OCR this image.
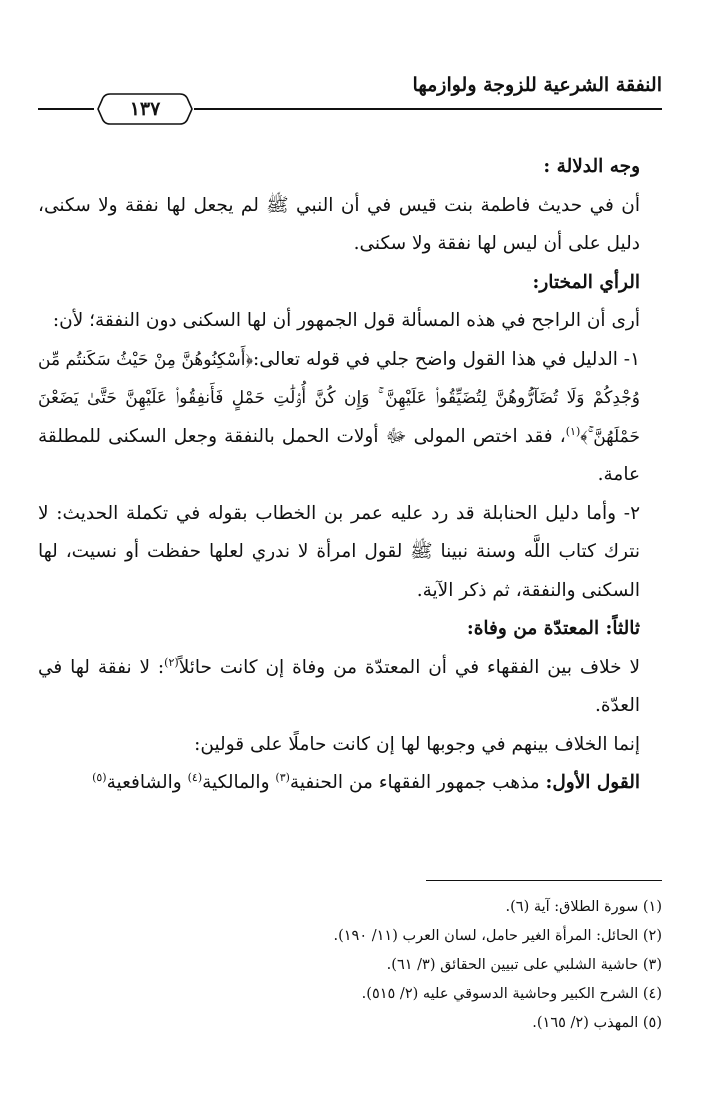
النفقة الشرعية للزوجة ولوازمها
١٣٧

وجه الدلالة :

أن في حديث فاطمة بنت قيس في أن النبي ﷺ لم يجعل لها نفقة ولا سكنى، دليل على أن ليس لها نفقة ولا سكنى.

الرأي المختار:

أرى أن الراجح في هذه المسألة قول الجمهور أن لها السكنى دون النفقة؛ لأن:

١- الدليل في هذا القول واضح جلي في قوله تعالى:﴿أَسْكِنُوهُنَّ مِنْ حَيْثُ سَكَنتُم مِّن وُجْدِكُمْ وَلَا تُضَآرُّوهُنَّ لِتُضَيِّقُوا۟ عَلَيْهِنَّ ۚ وَإِن كُنَّ أُو۟لَٰتِ حَمْلٍ فَأَنفِقُوا۟ عَلَيْهِنَّ حَتَّىٰ يَضَعْنَ حَمْلَهُنَّ ۚ﴾$^{(١)}$، فقد اختص المولى ﷻ أولات الحمل بالنفقة وجعل السكنى للمطلقة عامة.

٢- وأما دليل الحنابلة قد رد عليه عمر بن الخطاب بقوله في تكملة الحديث: لا نترك كتاب اللَّه وسنة نبينا ﷺ لقول امرأة لا ندري لعلها حفظت أو نسيت، لها السكنى والنفقة، ثم ذكر الآية.

ثالثاً: المعتدّة من وفاة:

لا خلاف بين الفقهاء في أن المعتدّة من وفاة إن كانت حائلاً$^{(٢)}$: لا نفقة لها في العدّة.

إنما الخلاف بينهم في وجوبها لها إن كانت حاملًا على قولين:

القول الأول: مذهب جمهور الفقهاء من الحنفية$^{(٣)}$ والمالكية$^{(٤)}$ والشافعية$^{(٥)}$

(١) سورة الطلاق: آية (٦).

(٢) الحائل: المرأة الغير حامل، لسان العرب (١١/ ١٩٠).

(٣) حاشية الشلبي على تبيين الحقائق (٣/ ٦١).

(٤) الشرح الكبير وحاشية الدسوقي عليه (٢/ ٥١٥).

(٥) المهذب (٢/ ١٦٥).
